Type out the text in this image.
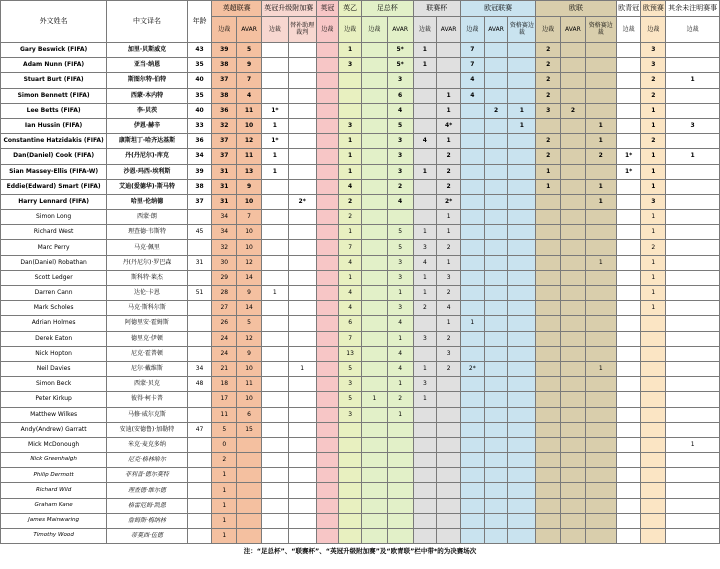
外文姓名	中文译名	年龄	英超联赛		英冠升级附加赛		英冠	英乙	足总杯		联赛杯		欧冠联赛			欧联			欧青冠	欧预赛	其余未注明赛事
			边裁	AVAR	边裁	替补助理裁判	边裁	边裁	边裁	AVAR	边裁	AVAR	边裁	AVAR	资格赛边裁	边裁	AVAR	资格赛边裁	边裁	边裁	边裁
Gary Beswick (FIFA)	加里·贝斯威克	43	39	5				1		5*	1		7			2				3	
Adam Nunn (FIFA)	亚当·纳恩	35	38	9				3		5*	1		7			2				3	
Stuart Burt (FIFA)	斯图尔特·伯特	40	37	7						3			4			2				2	1
Simon Bennett (FIFA)	西蒙·本内特	35	38	4						6		1	4			2				2	
Lee Betts (FIFA)	李·贝茨	40	36	11	1*					4		1		2	1	3	2			1	
Ian Hussin (FIFA)	伊恩·赫辛	33	32	10	1			3		5		4*			1			1		1	3
Constantine Hatzidakis (FIFA)	康斯坦丁·哈齐达基斯	36	37	12	1*			1		3	4	1				2		1		2	
Dan(Daniel) Cook (FIFA)	丹(丹尼尔)·库克	34	37	11	1			1		3		2				2		2	1*	1	1
Sian Massey-Ellis (FIFA-W)	沙恩·玛西-埃利斯	39	31	13	1			1		3	1	2				1			1*	1	
Eddie(Edward) Smart (FIFA)	艾迪(爱德华)·斯马特	38	31	9				4		2		2				1		1		1	
Harry Lennard (FIFA)	哈里·伦纳德	37	31	10		2*		2		4		2*						1		3	
Simon Long	西蒙·朗		34	7				2				1								1	
Richard West	理查德·韦斯特	45	34	10				1		5	1	1								1	
Marc Perry	马克·佩里		32	10				7		5	3	2								2	
Dan(Daniel) Robathan	丹(丹尼尔)·罗巴森	31	30	12				4		3	4	1						1		1	
Scott Ledger	斯科特·莱杰		29	14				1		3	1	3								1	
Darren Cann	达伦·卡恩	51	28	9	1			4		1	1	2								1	
Mark Scholes	马克·斯科尔斯		27	14				4		3	2	4								1	
Adrian Holmes	阿德里安·霍姆斯		26	5				6		4		1	1								
Derek Eaton	德里克·伊顿		24	12				7		1	3	2									
Nick Hopton	尼克·霍普顿		24	9				13		4		3									
Neil Davies	尼尔·戴维斯	34	21	10		1		5		4	1	2	2*					1			
Simon Beck	西蒙·贝克	48	18	11				3		1	3										
Peter Kirkup	彼得·柯卡普		17	10				5	1	2	1										
Matthew Wilkes	马修·威尔克斯		11	6				3		1											
Andy(Andrew) Garratt	安迪(安德鲁)·加勒特	47	5	15																	
Mick McDonough	米克·麦克多纳		0																		1
Nick Greenhalgh	尼克·格林哈尔		2																		
Philip Dermott	菲利普·德尔莫特		1																		
Richard Wild	理查德·维尔德		1																		
Graham Kane	格雷厄姆·凯恩		1																		
James Mainwaring	詹姆斯·梅纳林		1																		
Timothy Wood	蒂莫西·伍德		1																		
注：“足总杯”、“联赛杯”、“英冠升级附加赛”及“欧青联”栏中带*的为决赛场次																					
